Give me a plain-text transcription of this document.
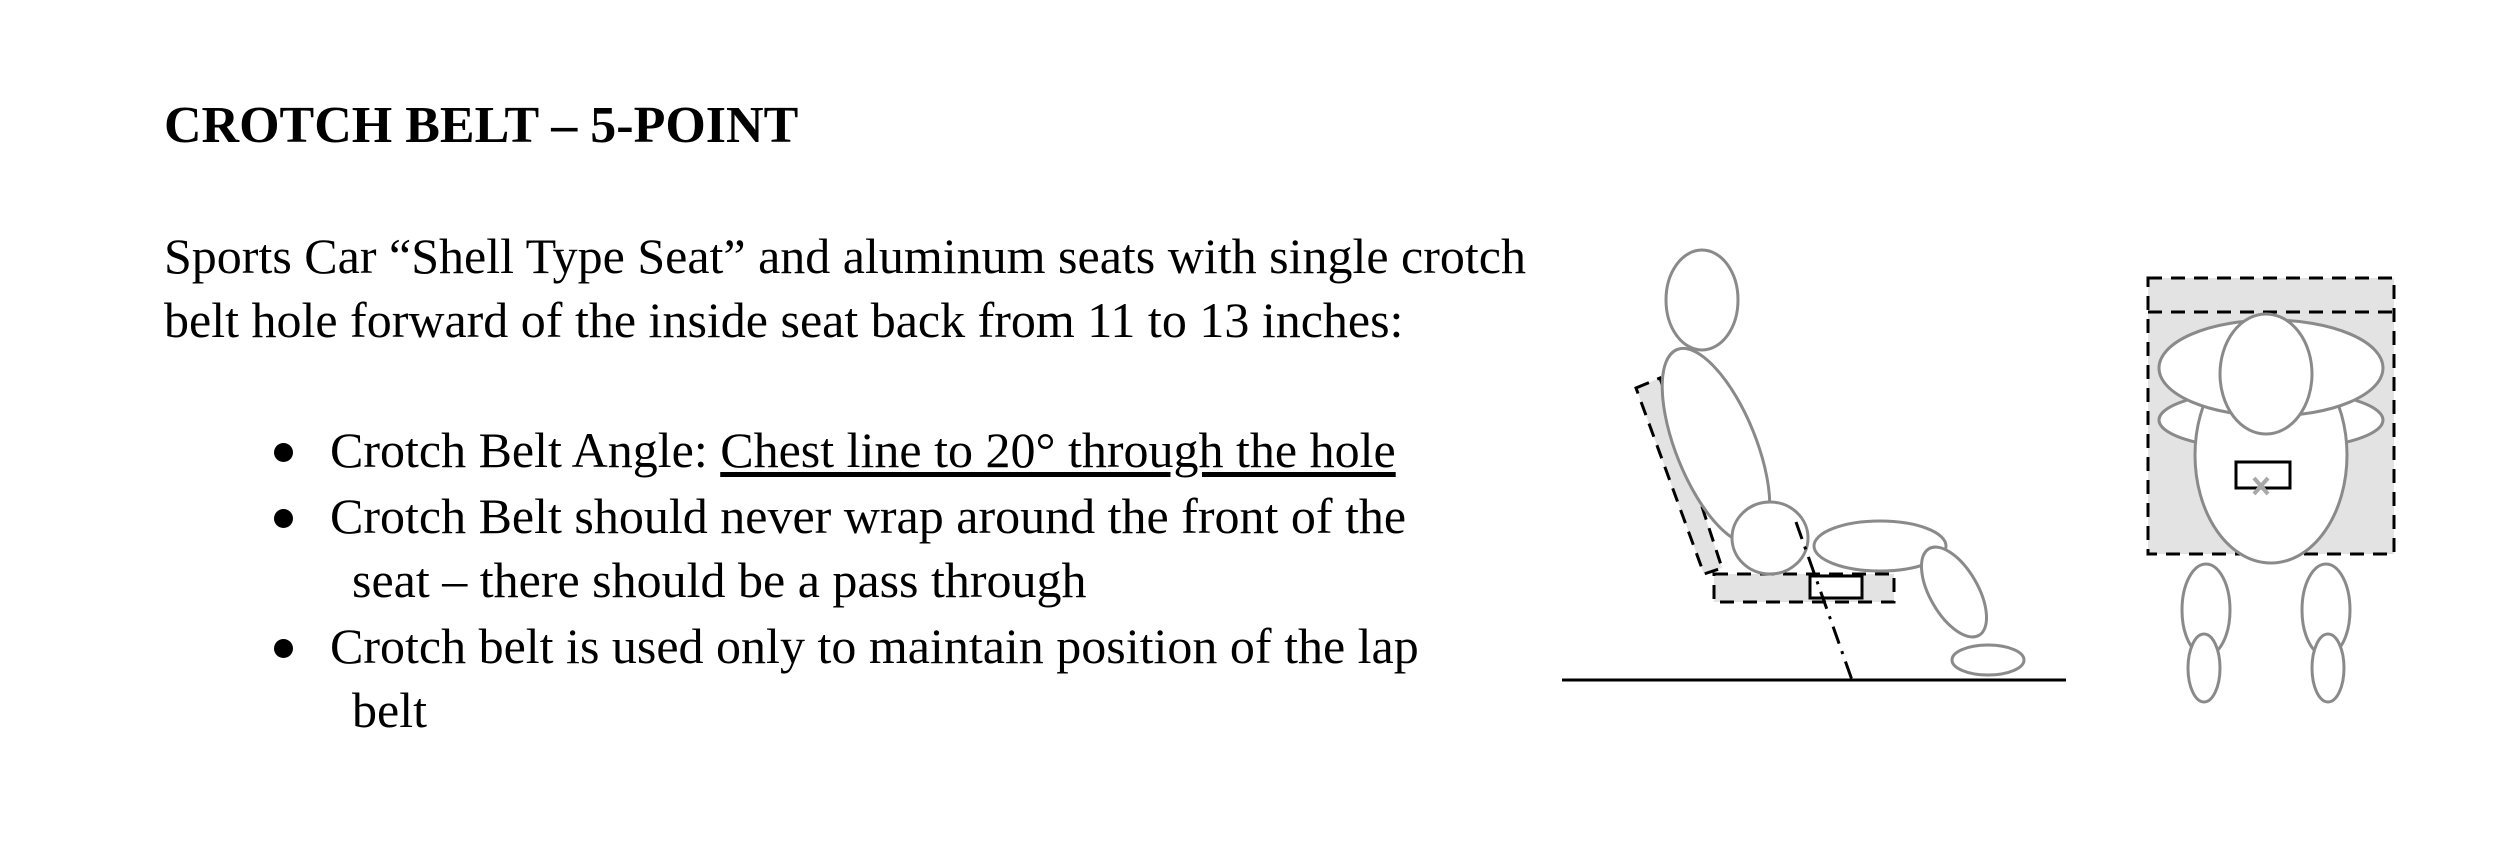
CROTCH BELT – 5-POINT
Sports Car “Shell Type Seat” and aluminum seats with single crotch belt hole forward of the inside seat back from 11 to 13 inches:
Crotch Belt Angle: Chest line to 20° through the hole
Crotch Belt should never wrap around the front of the
seat – there should be a pass through
Crotch belt is used only to maintain position of the lap
belt
